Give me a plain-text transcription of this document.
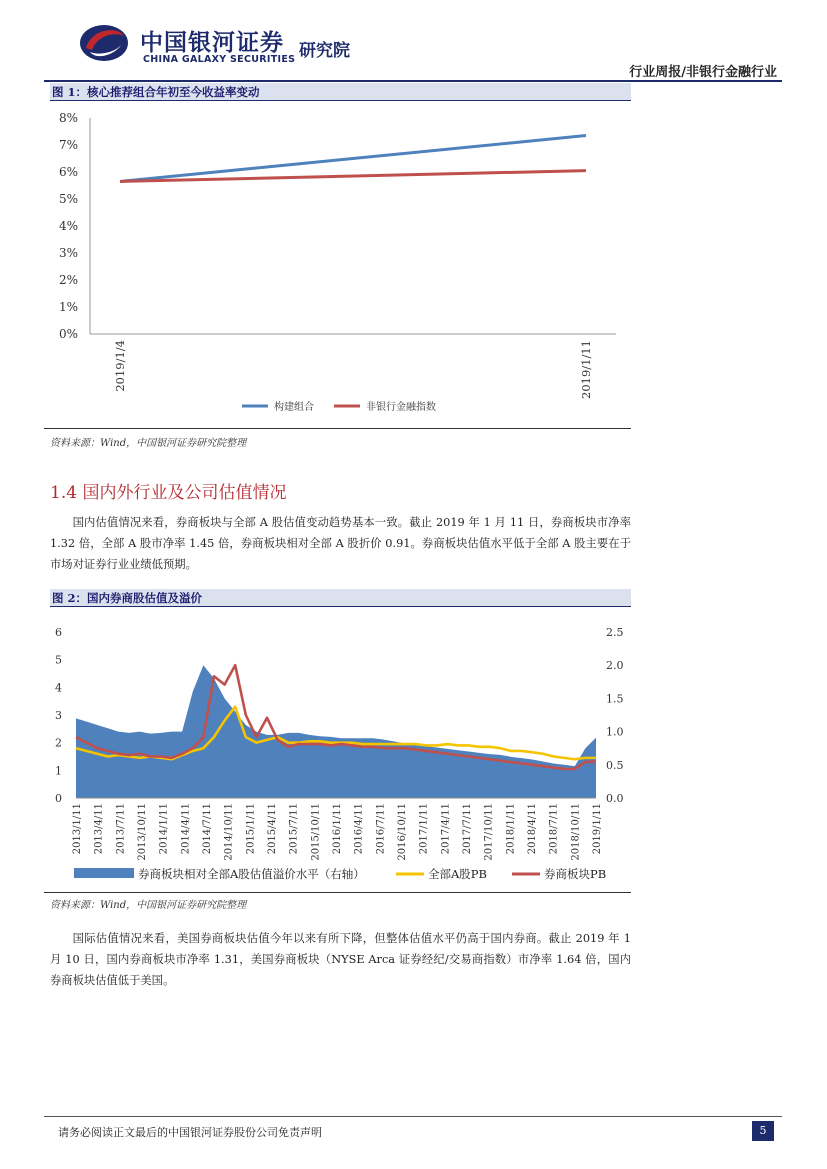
中国银河证券
CHINA GALAXY SECURITIES 研究院
行业周报/非银行金融行业
图 1：核心推荐组合年初至今收益率变动
0%
1%
2%
3%
4%
5%
6%
7%
8%
2019/1/4	2019/1/11
构建组合	非银行金融指数
资料来源：Wind，中国银河证券研究院整理
1.4 国内外行业及公司估值情况

国内估值情况来看，券商板块与全部 A 股估值变动趋势基本一致。截止 2019 年 1 月 11 日，券商板块市净率 1.32 倍，全部 A 股市净率 1.45 倍，券商板块相对全部 A 股折价 0.91。券商板块估值水平低于全部 A 股主要在于市场对证券行业业绩低预期。

图 2：国内券商股估值及溢价
0
1
2
3
4
5
6
0.0
0.5
1.0
1.5
2.0
2.5
2013/1/11 2013/4/11 2013/7/11 2013/10/11 2014/1/11 2014/4/11 2014/7/11 2014/10/11 2015/1/11 2015/4/11 2015/7/11 2015/10/11 2016/1/11 2016/4/11 2016/7/11 2016/10/11 2017/1/11 2017/4/11 2017/7/11 2017/10/11 2018/1/11 2018/4/11 2018/7/11 2018/10/11 2019/1/11
券商板块相对全部A股估值溢价水平（右轴）	全部A股PB	券商板块PB
资料来源：Wind，中国银河证券研究院整理

国际估值情况来看，美国券商板块估值今年以来有所下降，但整体估值水平仍高于国内券商。截止 2019 年 1 月 10 日，国内券商板块市净率 1.31，美国券商板块（NYSE Arca 证券经纪/交易商指数）市净率 1.64 倍，国内券商板块估值低于美国。

请务必阅读正文最后的中国银河证券股份公司免责声明	5
